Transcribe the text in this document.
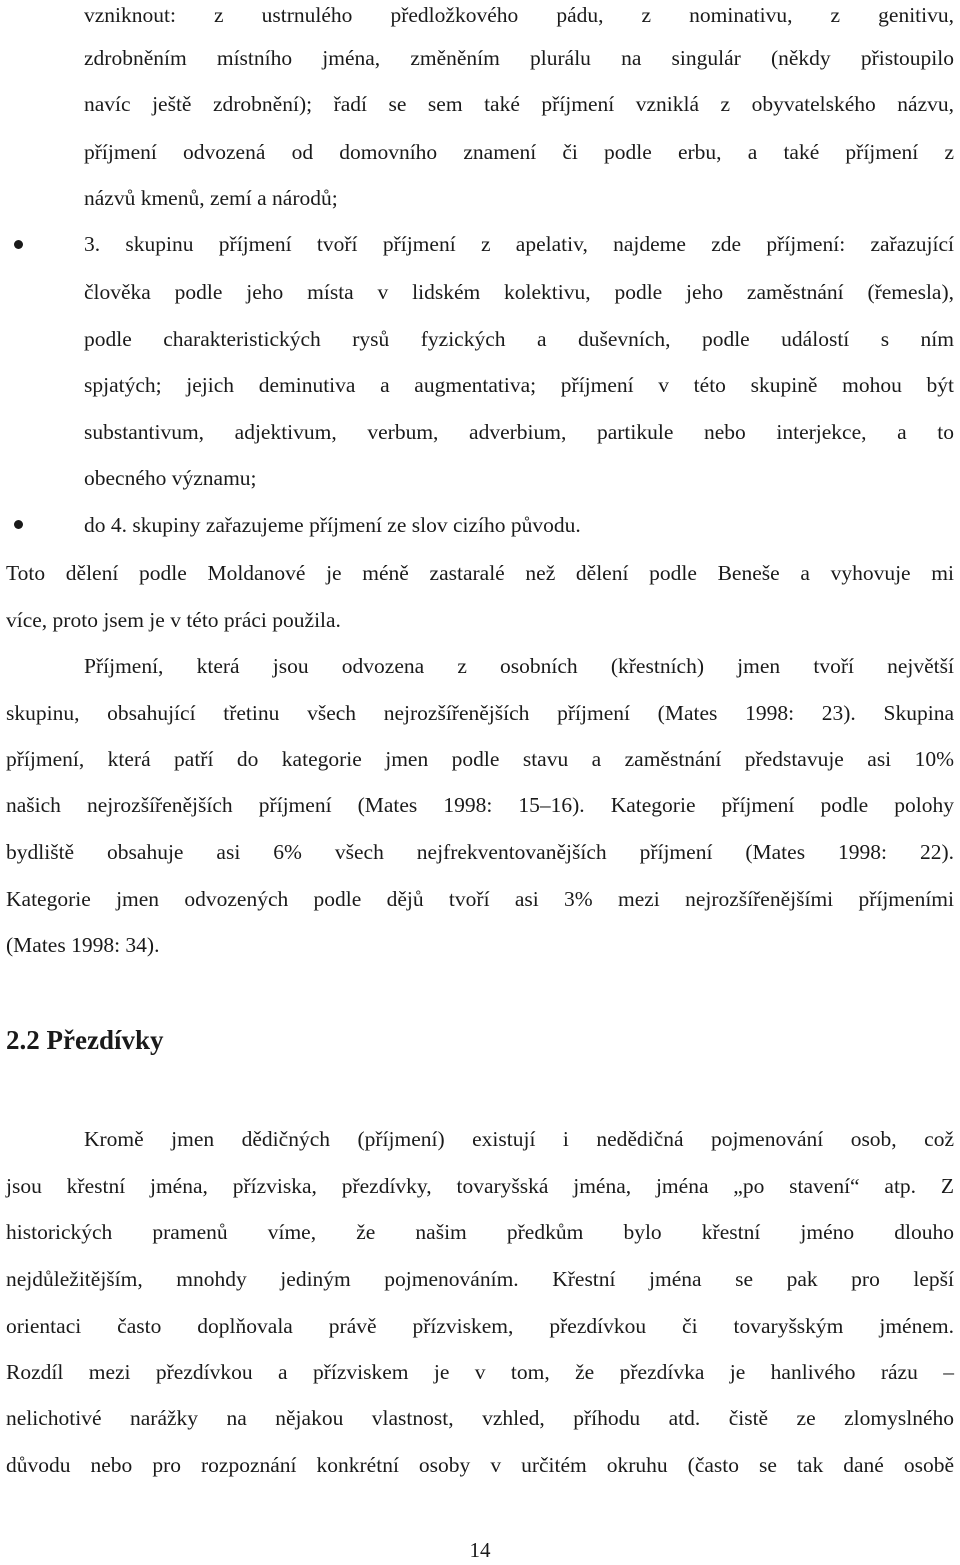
vzniknout: z ustrnulého předložkového pádu, z nominativu, z genitivu,
zdrobněním místního jména, změněním plurálu na singulár (někdy přistoupilo
navíc ještě zdrobnění); řadí se sem také příjmení vzniklá z obyvatelského názvu,
příjmení odvozená od domovního znamení či podle erbu, a také příjmení z
názvů kmenů, zemí a národů;
3. skupinu příjmení tvoří příjmení z apelativ, najdeme zde příjmení: zařazující
člověka podle jeho místa v lidském kolektivu, podle jeho zaměstnání (řemesla),
podle charakteristických rysů fyzických a duševních, podle událostí s ním
spjatých; jejich deminutiva a augmentativa; příjmení v této skupině mohou být
substantivum, adjektivum, verbum, adverbium, partikule nebo interjekce, a to
obecného významu;
do 4. skupiny zařazujeme příjmení ze slov cizího původu.
Toto dělení podle Moldanové je méně zastaralé než dělení podle Beneše a vyhovuje mi
více, proto jsem je v této práci použila.
Příjmení, která jsou odvozena z osobních (křestních) jmen tvoří největší
skupinu, obsahující třetinu všech nejrozšířenějších příjmení (Mates 1998: 23). Skupina
příjmení, která patří do kategorie jmen podle stavu a zaměstnání představuje asi 10%
našich nejrozšířenějších příjmení (Mates 1998: 15–16). Kategorie příjmení podle polohy
bydliště obsahuje asi 6% všech nejfrekventovanějších příjmení (Mates 1998: 22).
Kategorie jmen odvozených podle dějů tvoří asi 3% mezi nejrozšířenějšími příjmeními
(Mates 1998: 34).
2.2 Přezdívky
Kromě jmen dědičných (příjmení) existují i nedědičná pojmenování osob, což
jsou křestní jména, přízviska, přezdívky, tovaryšská jména, jména „po stavení“ atp. Z
historických pramenů víme, že našim předkům bylo křestní jméno dlouho
nejdůležitějším, mnohdy jediným pojmenováním. Křestní jména se pak pro lepší
orientaci často doplňovala právě přízviskem, přezdívkou či tovaryšským jménem.
Rozdíl mezi přezdívkou a přízviskem je v tom, že přezdívka je hanlivého rázu –
nelichotivé narážky na nějakou vlastnost, vzhled, příhodu atd. čistě ze zlomyslného
důvodu nebo pro rozpoznání konkrétní osoby v určitém okruhu (často se tak dané osobě
14
